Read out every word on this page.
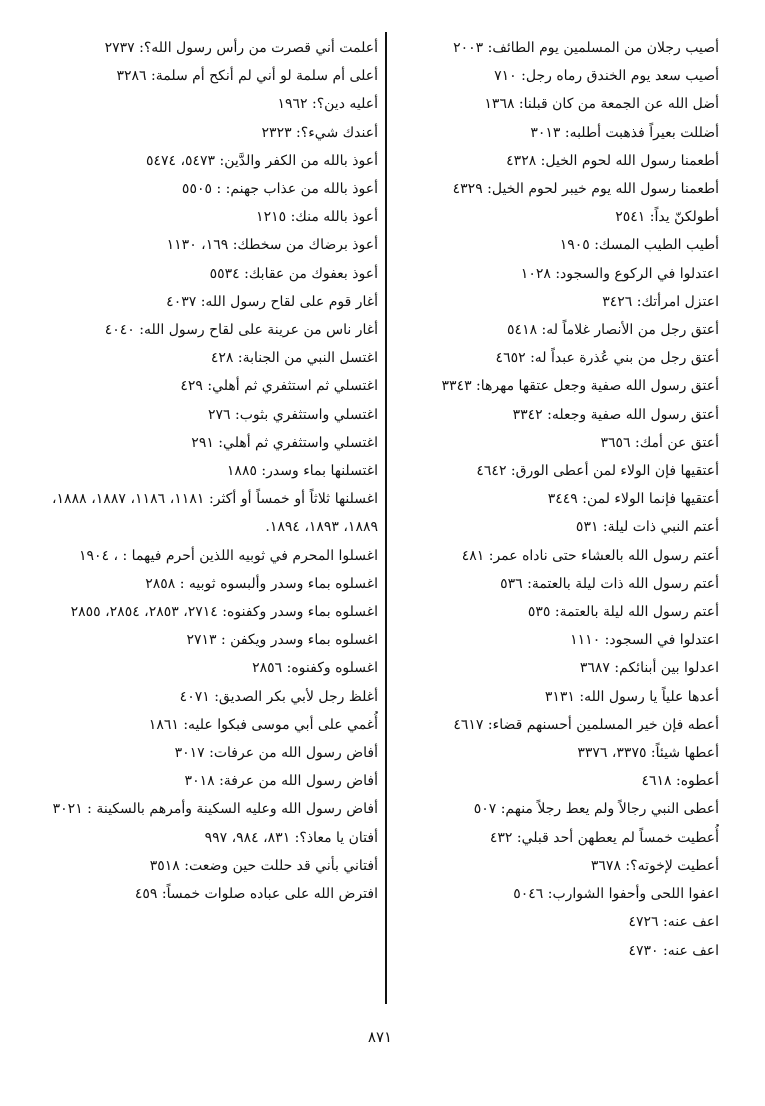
أصيب رجلان من المسلمين يوم الطائف: ٢٠٠٣
أصيب سعد يوم الخندق رماه رجل: ٧١٠
أضل الله عن الجمعة من كان قبلنا: ١٣٦٨
أضللت بعيراً فذهبت أطلبه: ٣٠١٣
أطعمنا رسول الله لحوم الخيل: ٤٣٢٨
أطعمنا رسول الله يوم خيبر لحوم الخيل: ٤٣٢٩
أطولكنّ يداً: ٢٥٤١
أطيب الطيب المسك: ١٩٠٥
اعتدلوا في الركوع والسجود: ١٠٢٨
اعتزل امرأتك: ٣٤٢٦
أعتق رجل من الأنصار غلاماً له: ٥٤١٨
أعتق رجل من بني عُذرة عبداً له: ٤٦٥٢
أعتق رسول الله صفية وجعل عتقها مهرها: ٣٣٤٣
أعتق رسول الله صفية وجعله: ٣٣٤٢
أعتق عن أمك: ٣٦٥٦
أعتقيها فإن الولاء لمن أعطى الورق: ٤٦٤٢
أعتقيها فإنما الولاء لمن: ٣٤٤٩
أعتم النبي ذات ليلة: ٥٣١
أعتم رسول الله بالعشاء حتى ناداه عمر: ٤٨١
أعتم رسول الله ذات ليلة بالعتمة: ٥٣٦
أعتم رسول الله ليلة بالعتمة: ٥٣٥
اعتدلوا في السجود: ١١١٠
اعدلوا بين أبنائكم: ٣٦٨٧
أعدها علياً يا رسول الله: ٣١٣١
أعطه فإن خير المسلمين أحسنهم قضاء: ٤٦١٧
أعطها شيئاً: ٣٣٧٥، ٣٣٧٦
أعطوه: ٤٦١٨
أعطى النبي رجالاً ولم يعط رجلاً منهم: ٥٠٧
أُعطيت خمساً لم يعطهن أحد قبلي: ٤٣٢
أعطيت لإخوته؟: ٣٦٧٨
اعفوا اللحى وأحفوا الشوارب: ٥٠٤٦
اعف عنه: ٤٧٢٦
اعف عنه: ٤٧٣٠
أعلمت أني قصرت من رأس رسول الله؟: ٢٧٣٧
أعلى أم سلمة لو أني لم أنكح أم سلمة: ٣٢٨٦
أعليه دين؟: ١٩٦٢
أعندك شيء؟: ٢٣٢٣
أعوذ بالله من الكفر والدَّين: ٥٤٧٣، ٥٤٧٤
أعوذ بالله من عذاب جهنم: : ٥٥٠٥
أعوذ بالله منك: ١٢١٥
أعوذ برضاك من سخطك: ١٦٩، ١١٣٠
أعوذ بعفوك من عقابك: ٥٥٣٤
أغار قوم على لقاح رسول الله: ٤٠٣٧
أغار ناس من عرينة على لقاح رسول الله: ٤٠٤٠
اغتسل النبي من الجنابة: ٤٢٨
اغتسلي ثم استثفري ثم أهلي: ٤٢٩
اغتسلي واستثفري بثوب: ٢٧٦
اغتسلي واستثفري ثم أهلي: ٢٩١
اغتسلنها بماء وسدر: ١٨٨٥
اغسلنها ثلاثاً أو خمساً أو أكثر: ١١٨١، ١١٨٦، ١٨٨٧، ١٨٨٨، ١٨٨٩، ١٨٩٣، ١٨٩٤.
اغسلوا المحرم في ثوبيه اللذين أحرم فيهما : ، ١٩٠٤
اغسلوه بماء وسدر وألبسوه ثوبيه : ٢٨٥٨
اغسلوه بماء وسدر وكفنوه: ٢٧١٤، ٢٨٥٣، ٢٨٥٤، ٢٨٥٥
اغسلوه بماء وسدر ويكفن : ٢٧١٣
اغسلوه وكفنوه: ٢٨٥٦
أغلظ رجل لأبي بكر الصديق: ٤٠٧١
أُغمي على أبي موسى فبكوا عليه: ١٨٦١
أفاض رسول الله من عرفات: ٣٠١٧
أفاض رسول الله من عرفة: ٣٠١٨
أفاض رسول الله وعليه السكينة وأمرهم بالسكينة : ٣٠٢١
أفتان يا معاذ؟: ٨٣١، ٩٨٤، ٩٩٧
أفتاني بأني قد حللت حين وضعت: ٣٥١٨
افترض الله على عباده صلوات خمساً: ٤٥٩
٨٧١
